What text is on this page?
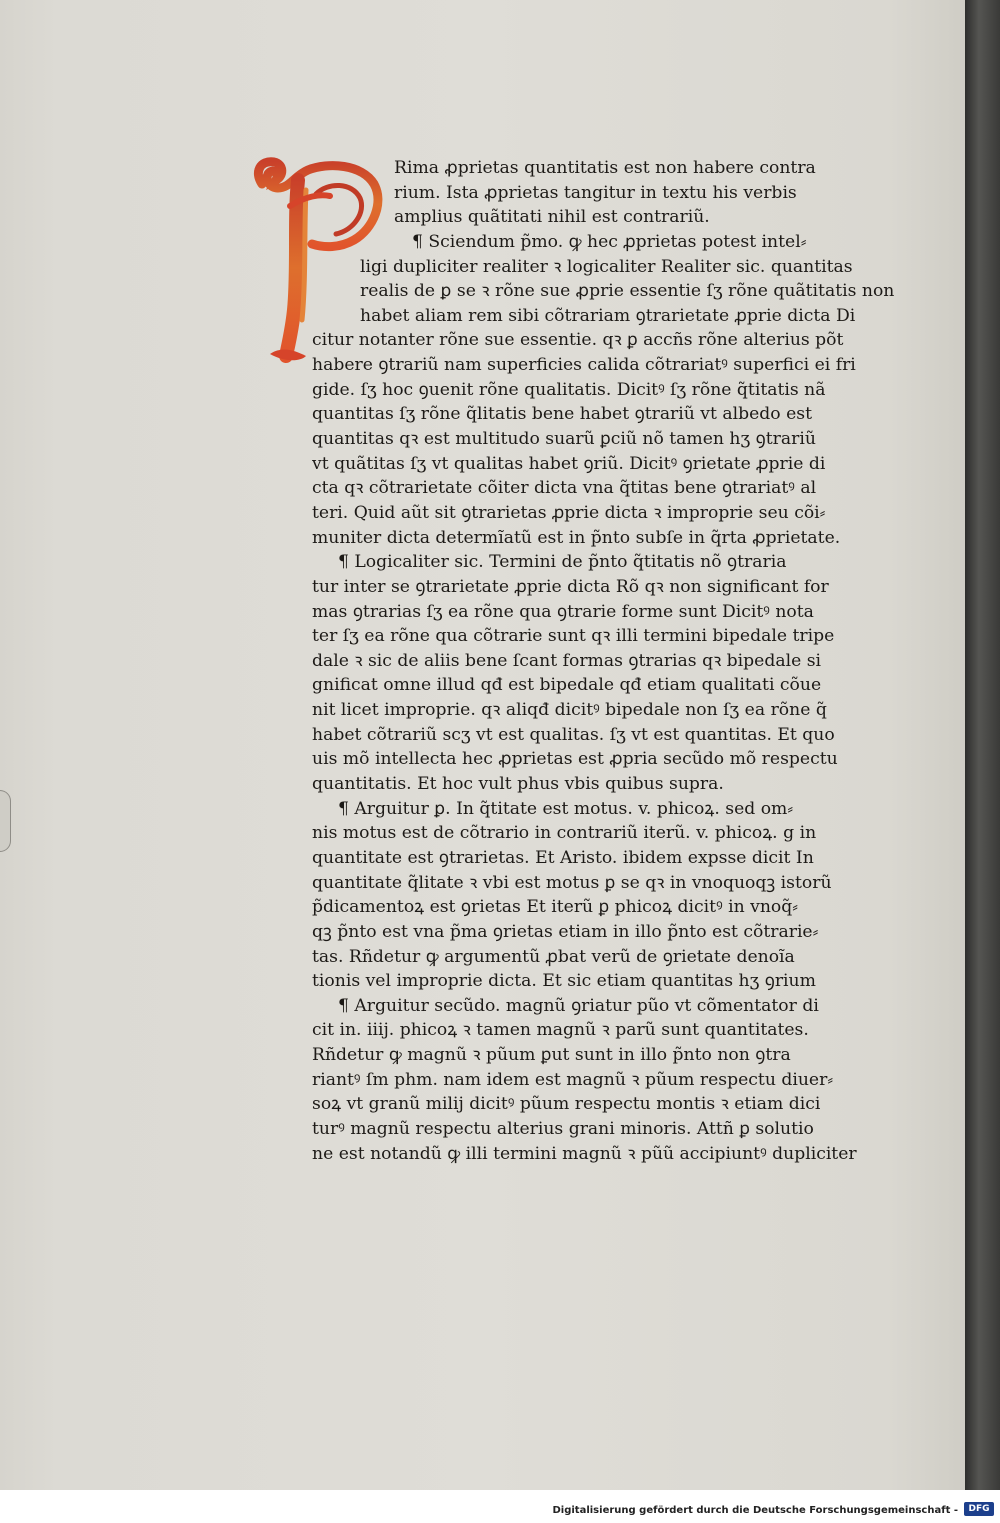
Rima ꝓprietas quantitatis est non habere contra
rium. Ista ꝓprietas tangitur in textu his verbis
amplius quãtitati nihil est contrariũ.
¶ Sciendum p̃mo. ꝙ hec ꝓprietas potest intel⸗
ligi dupliciter realiter ꝛ logicaliter Realiter sic. quantitas
realis de ꝑ se ꝛ rõne sue ꝓprie essentie ſʒ rõne quãtitatis non
habet aliam rem sibi cõtrariam ꝯtrarietate ꝓprie dicta Di
citur notanter rõne sue essentie. qꝛ ꝑ accñs rõne alterius põt
habere ꝯtrariũ nam superficies calida cõtrariatꝰ superfici ei fri
gide. ſʒ hoc ꝯuenit rõne qualitatis. Dicitꝰ ſʒ rõne q̃titatis nã
quantitas ſʒ rõne q̃litatis bene habet ꝯtrariũ vt albedo est
quantitas qꝛ est multitudo suarũ ꝑciũ nõ tamen hʒ ꝯtrariũ
vt quãtitas ſʒ vt qualitas habet ꝯriũ. Dicitꝰ ꝯrietate ꝓprie di
cta qꝛ cõtrarietate cõiter dicta vna q̃titas bene ꝯtrariatꝰ al
teri. Quid aũt sit ꝯtrarietas ꝓprie dicta ꝛ improprie seu cõi⸗
muniter dicta determĩatũ est in p̃nto subſe in q̃rta ꝓprietate.
¶ Logicaliter sic. Termini de p̃nto q̃titatis nõ ꝯtraria
tur inter se ꝯtrarietate ꝓprie dicta Rõ qꝛ non significant for
mas ꝯtrarias ſʒ ea rõne qua ꝯtrarie forme sunt Dicitꝰ nota
ter ſʒ ea rõne qua cõtrarie sunt qꝛ illi termini bipedale tripe
dale ꝛ sic de aliis bene ſcant formas ꝯtrarias qꝛ bipedale si
gnificat omne illud qđ est bipedale qđ etiam qualitati cõue
nit licet improprie. qꝛ aliqđ dicitꝰ bipedale non ſʒ ea rõne q̃
habet cõtrariũ scʒ vt est qualitas. ſʒ vt est quantitas. Et quo
uis mõ intellecta hec ꝓprietas est ꝓpria secũdo mõ respectu
quantitatis. Et hoc vult phus vbis quibus supra.
¶ Arguitur ꝑ. In q̃titate est motus. v. phicoꝝ. sed om⸗
nis motus est de cõtrario in contrariũ iterũ. v. phicoꝝ. g in
quantitate est ꝯtrarietas. Et Aristo. ibidem expsse dicit In
quantitate q̃litate ꝛ vbi est motus ꝑ se qꝛ in vnoquoqꝫ istorũ
p̃dicamentoꝝ est ꝯrietas Et iterũ ꝑ phicoꝝ dicitꝰ in vnoq̃⸗
qꝫ p̃nto est vna p̃ma ꝯrietas etiam in illo p̃nto est cõtrarie⸗
tas. Rñdetur ꝙ argumentũ ꝓbat verũ de ꝯrietate denoĩa
tionis vel improprie dicta. Et sic etiam quantitas hʒ ꝯrium
¶ Arguitur secũdo. magnũ ꝯriatur pũo vt cõmentator di
cit in. iiij. phicoꝝ ꝛ tamen magnũ ꝛ parũ sunt quantitates.
Rñdetur ꝙ magnũ ꝛ pũum ꝑut sunt in illo p̃nto non ꝯtra
riantꝰ ſm phm. nam idem est magnũ ꝛ pũum respectu diuer⸗
soꝝ vt granũ milij dicitꝰ pũum respectu montis ꝛ etiam dici
turꝰ magnũ respectu alterius grani minoris. Attñ ꝑ solutio
ne est notandũ ꝙ illi termini magnũ ꝛ pũũ accipiuntꝰ dupliciter
Digitalisierung gefördert durch die Deutsche Forschungsgemeinschaft -	DFG
